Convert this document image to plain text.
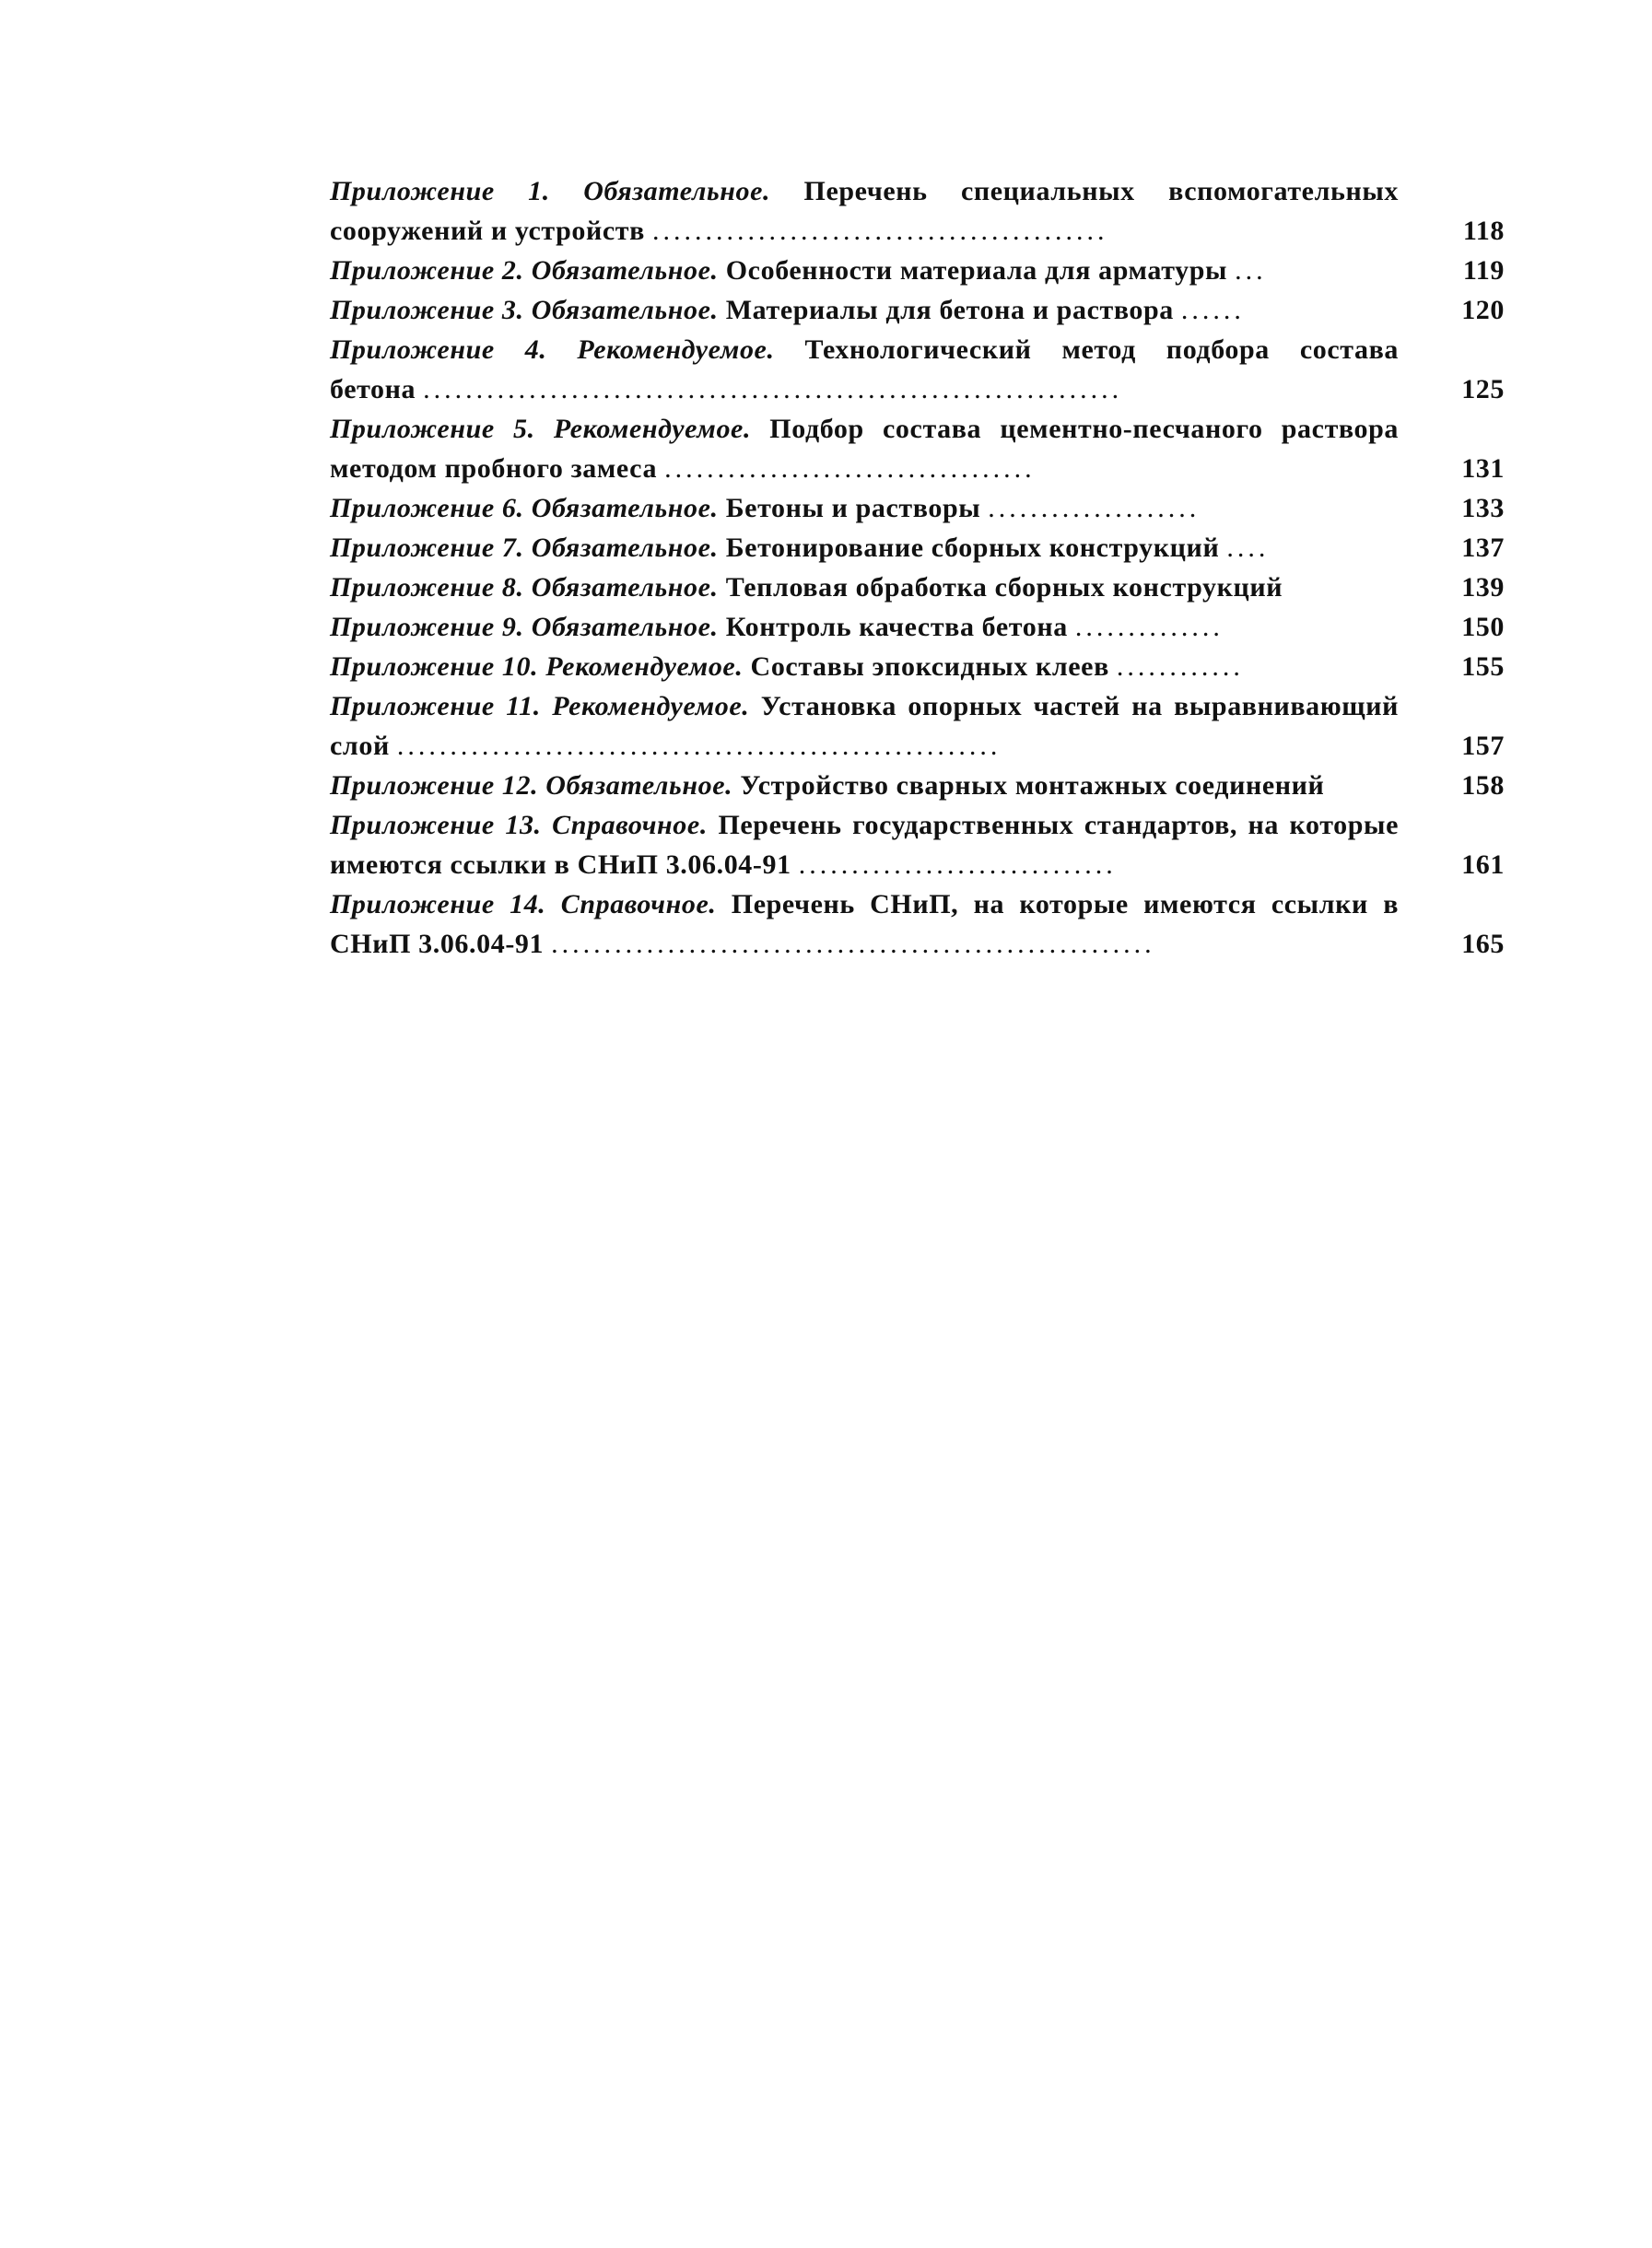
Приложение 1. Обязательное. Перечень специальных вспомогательных сооружений и устройств ...........................................	118
Приложение 2. Обязательное. Особенности материала для арматуры ...	119
Приложение 3. Обязательное. Материалы для бетона и раствора ......	120
Приложение 4. Рекомендуемое. Технологический метод подбора состава бетона ..................................................................	125
Приложение 5. Рекомендуемое. Подбор состава цементно-песчаного раствора методом пробного замеса ...................................	131
Приложение 6. Обязательное. Бетоны и растворы ....................	133
Приложение 7. Обязательное. Бетонирование сборных конструкций ....	137
Приложение 8. Обязательное. Тепловая обработка сборных конструкций	139
Приложение 9. Обязательное. Контроль качества бетона ..............	150
Приложение 10. Рекомендуемое. Составы эпоксидных клеев ............	155
Приложение 11. Рекомендуемое. Установка опорных частей на выравнивающий слой .........................................................	157
Приложение 12. Обязательное. Устройство сварных монтажных соединений	158
Приложение 13. Справочное. Перечень государственных стандартов, на которые имеются ссылки в СНиП 3.06.04-91 ..............................	161
Приложение 14. Справочное. Перечень СНиП, на которые имеются ссылки в СНиП 3.06.04-91 .........................................................	165
